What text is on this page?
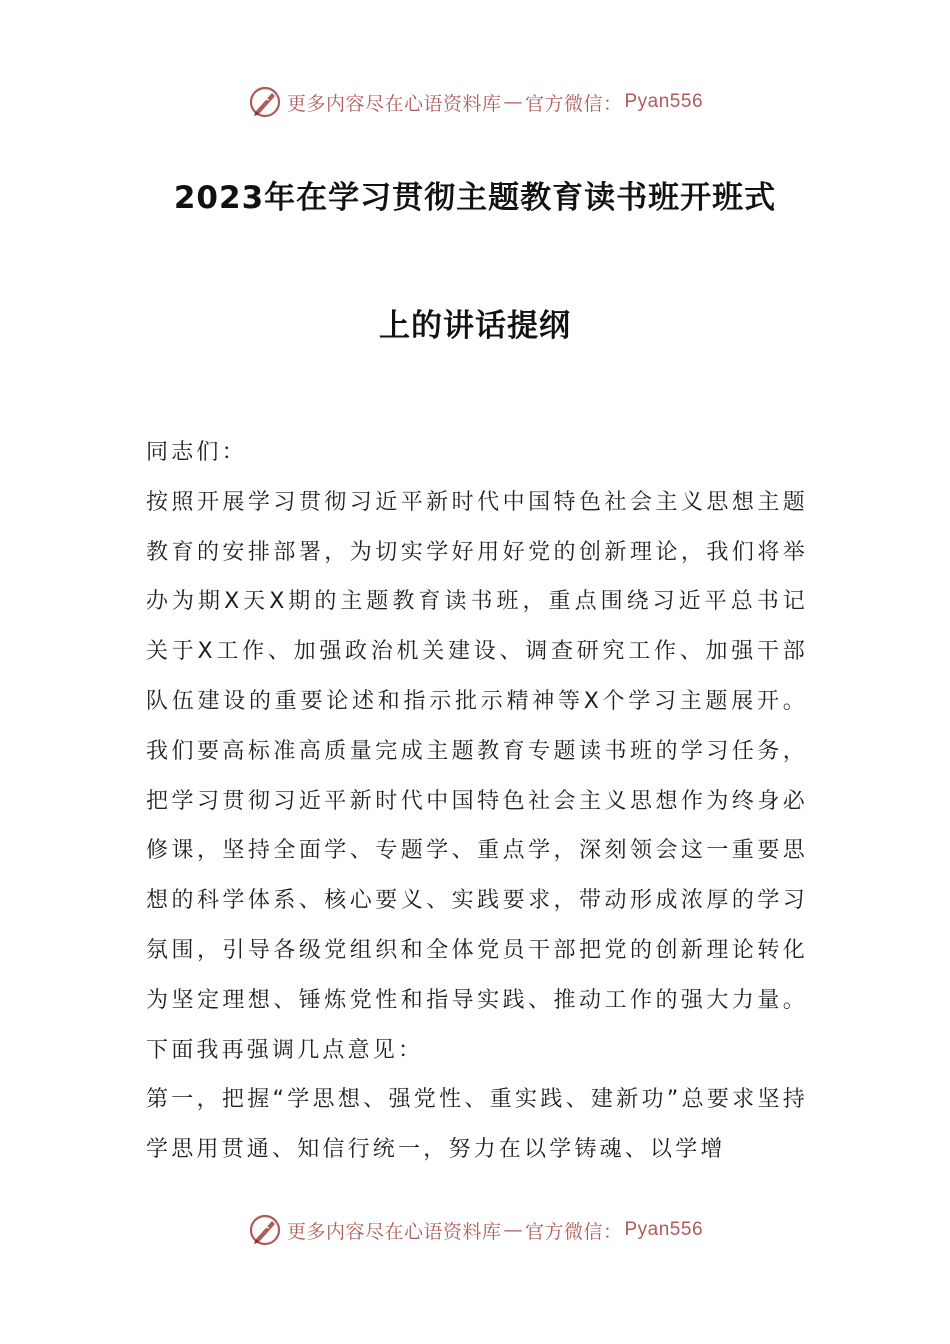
更多内容尽在心语资料库 — 官方微信： Pyan556
2023年在学习贯彻主题教育读书班开班式
上的讲话提纲

同志们：

按照开展学习贯彻习近平新时代中国特色社会主义思想主题教育的安排部署，为切实学好用好党的创新理论，我们将举办为期X天X期的主题教育读书班，重点围绕习近平总书记关于X工作、加强政治机关建设、调查研究工作、加强干部队伍建设的重要论述和指示批示精神等X个学习主题展开。我们要高标准高质量完成主题教育专题读书班的学习任务，把学习贯彻习近平新时代中国特色社会主义思想作为终身必修课，坚持全面学、专题学、重点学，深刻领会这一重要思想的科学体系、核心要义、实践要求，带动形成浓厚的学习氛围，引导各级党组织和全体党员干部把党的创新理论转化为坚定理想、锤炼党性和指导实践、推动工作的强大力量。下面我再强调几点意见：

第一，把握“学思想、强党性、重实践、建新功”总要求坚持学思用贯通、知信行统一，努力在以学铸魂、以学增

更多内容尽在心语资料库 — 官方微信： Pyan556
